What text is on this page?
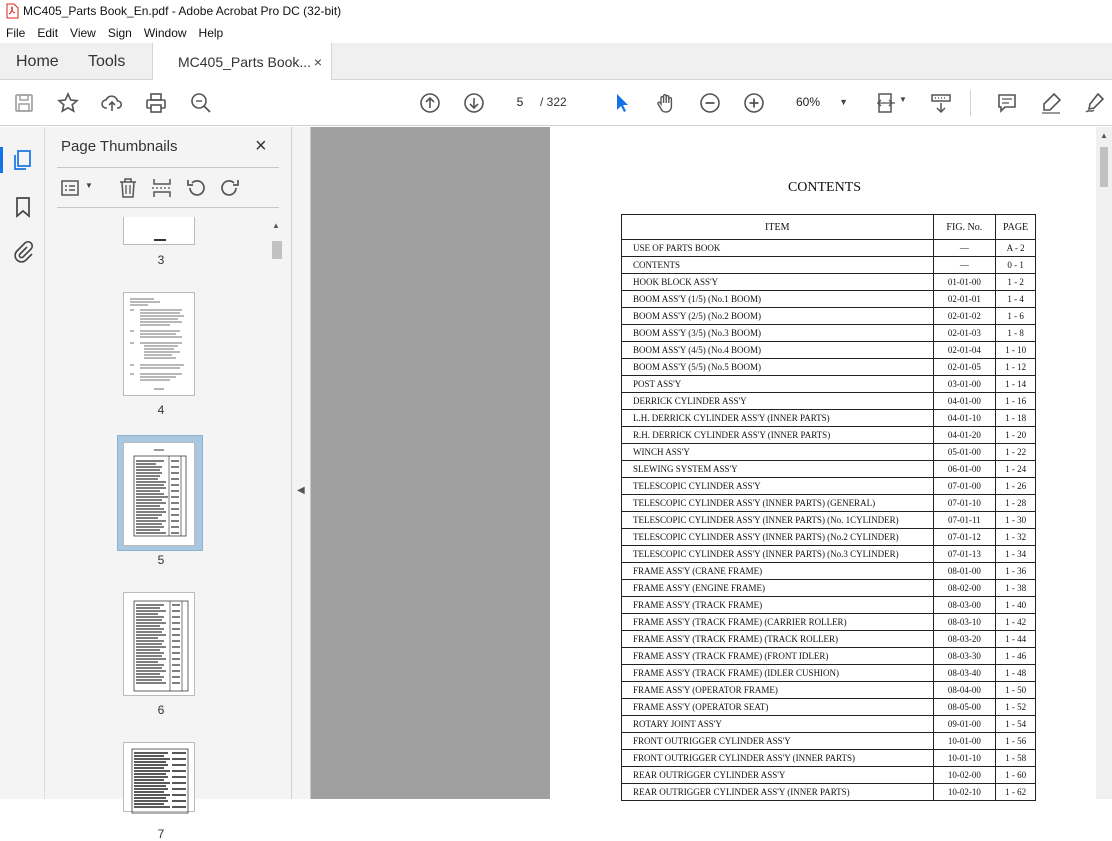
MC405_Parts Book_En.pdf - Adobe Acrobat Pro DC (32-bit)
File	Edit	View	Sign	Window	Help
Home Tools	MC405_Parts Book... ×
▼
5	/ 322	60% ▼
Page Thumbnails	×
▼
3
4
5
6
7
▲
◀
CONTENTS
ITEM	FIG. No.	PAGE
USE OF PARTS BOOK	—	A - 2
CONTENTS	—	0 - 1
HOOK BLOCK ASS'Y	01-01-00	1 - 2
BOOM ASS'Y (1/5) (No.1 BOOM)	02-01-01	1 - 4
BOOM ASS'Y (2/5) (No.2 BOOM)	02-01-02	1 - 6
BOOM ASS'Y (3/5) (No.3 BOOM)	02-01-03	1 - 8
BOOM ASS'Y (4/5) (No.4 BOOM)	02-01-04	1 - 10
BOOM ASS'Y (5/5) (No.5 BOOM)	02-01-05	1 - 12
POST ASS'Y	03-01-00	1 - 14
DERRICK CYLINDER ASS'Y	04-01-00	1 - 16
L.H. DERRICK CYLINDER ASS'Y (INNER PARTS)	04-01-10	1 - 18
R.H. DERRICK CYLINDER ASS'Y (INNER PARTS)	04-01-20	1 - 20
WINCH ASS'Y	05-01-00	1 - 22
SLEWING SYSTEM ASS'Y	06-01-00	1 - 24
TELESCOPIC CYLINDER ASS'Y	07-01-00	1 - 26
TELESCOPIC CYLINDER ASS'Y (INNER PARTS) (GENERAL)	07-01-10	1 - 28
TELESCOPIC CYLINDER ASS'Y (INNER PARTS) (No. 1CYLINDER)	07-01-11	1 - 30
TELESCOPIC CYLINDER ASS'Y (INNER PARTS) (No.2 CYLINDER)	07-01-12	1 - 32
TELESCOPIC CYLINDER ASS'Y (INNER PARTS) (No.3 CYLINDER)	07-01-13	1 - 34
FRAME ASS'Y (CRANE FRAME)	08-01-00	1 - 36
FRAME ASS'Y (ENGINE FRAME)	08-02-00	1 - 38
FRAME ASS'Y (TRACK FRAME)	08-03-00	1 - 40
FRAME ASS'Y (TRACK FRAME) (CARRIER ROLLER)	08-03-10	1 - 42
FRAME ASS'Y (TRACK FRAME) (TRACK ROLLER)	08-03-20	1 - 44
FRAME ASS'Y (TRACK FRAME) (FRONT IDLER)	08-03-30	1 - 46
FRAME ASS'Y (TRACK FRAME) (IDLER CUSHION)	08-03-40	1 - 48
FRAME ASS'Y (OPERATOR FRAME)	08-04-00	1 - 50
FRAME ASS'Y (OPERATOR SEAT)	08-05-00	1 - 52
ROTARY JOINT ASS'Y	09-01-00	1 - 54
FRONT OUTRIGGER CYLINDER ASS'Y	10-01-00	1 - 56
FRONT OUTRIGGER CYLINDER ASS'Y (INNER PARTS)	10-01-10	1 - 58
REAR OUTRIGGER CYLINDER ASS'Y	10-02-00	1 - 60
REAR OUTRIGGER CYLINDER ASS'Y (INNER PARTS)	10-02-10	1 - 62
▲
